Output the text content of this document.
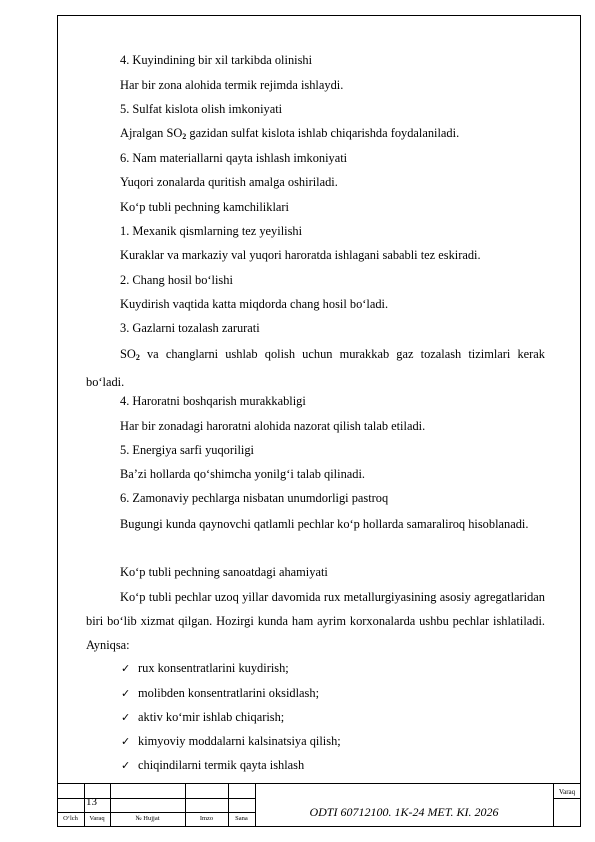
4. Kuyindining bir xil tarkibda olinishi
Har bir zona alohida termik rejimda ishlaydi.
5. Sulfat kislota olish imkoniyati
Ajralgan $SO_2$ gazidan sulfat kislota ishlab chiqarishda foydalaniladi.
6. Nam materiallarni qayta ishlash imkoniyati
Yuqori zonalarda quritish amalga oshiriladi.
Ko‘p tubli pechning kamchiliklari
1. Mexanik qismlarning tez yeyilishi
Kuraklar va markaziy val yuqori haroratda ishlagani sababli tez eskiradi.
2. Chang hosil bo‘lishi
Kuydirish vaqtida katta miqdorda chang hosil bo‘ladi.
3. Gazlarni tozalash zarurati
$SO_2$ va changlarni ushlab qolish uchun murakkab gaz tozalash tizimlari kerak bo‘ladi.
4. Haroratni boshqarish murakkabligi
Har bir zonadagi haroratni alohida nazorat qilish talab etiladi.
5. Energiya sarfi yuqoriligi
Ba’zi hollarda qo‘shimcha yonilg‘i talab qilinadi.
6. Zamonaviy pechlarga nisbatan unumdorligi pastroq
Bugungi kunda qaynovchi qatlamli pechlar ko‘p hollarda samaraliroq hisoblanadi.
Ko‘p tubli pechning sanoatdagi ahamiyati
Ko‘p tubli pechlar uzoq yillar davomida rux metallurgiyasining asosiy agregatlaridan biri bo‘lib xizmat qilgan. Hozirgi kunda ham ayrim korxonalarda ushbu pechlar ishlatiladi. Ayniqsa:
✓ rux konsentratlarini kuydirish;
✓ molibden konsentratlarini oksidlash;
✓ aktiv ko‘mir ishlab chiqarish;
✓ kimyoviy moddalarni kalsinatsiya qilish;
✓ chiqindilarni termik qayta ishlash
13
Varaq
ODTI 60712100. 1K-24 MET. KI. 2026
O‘lch	Varaq	№ Hujjat	Imzo	Sana
